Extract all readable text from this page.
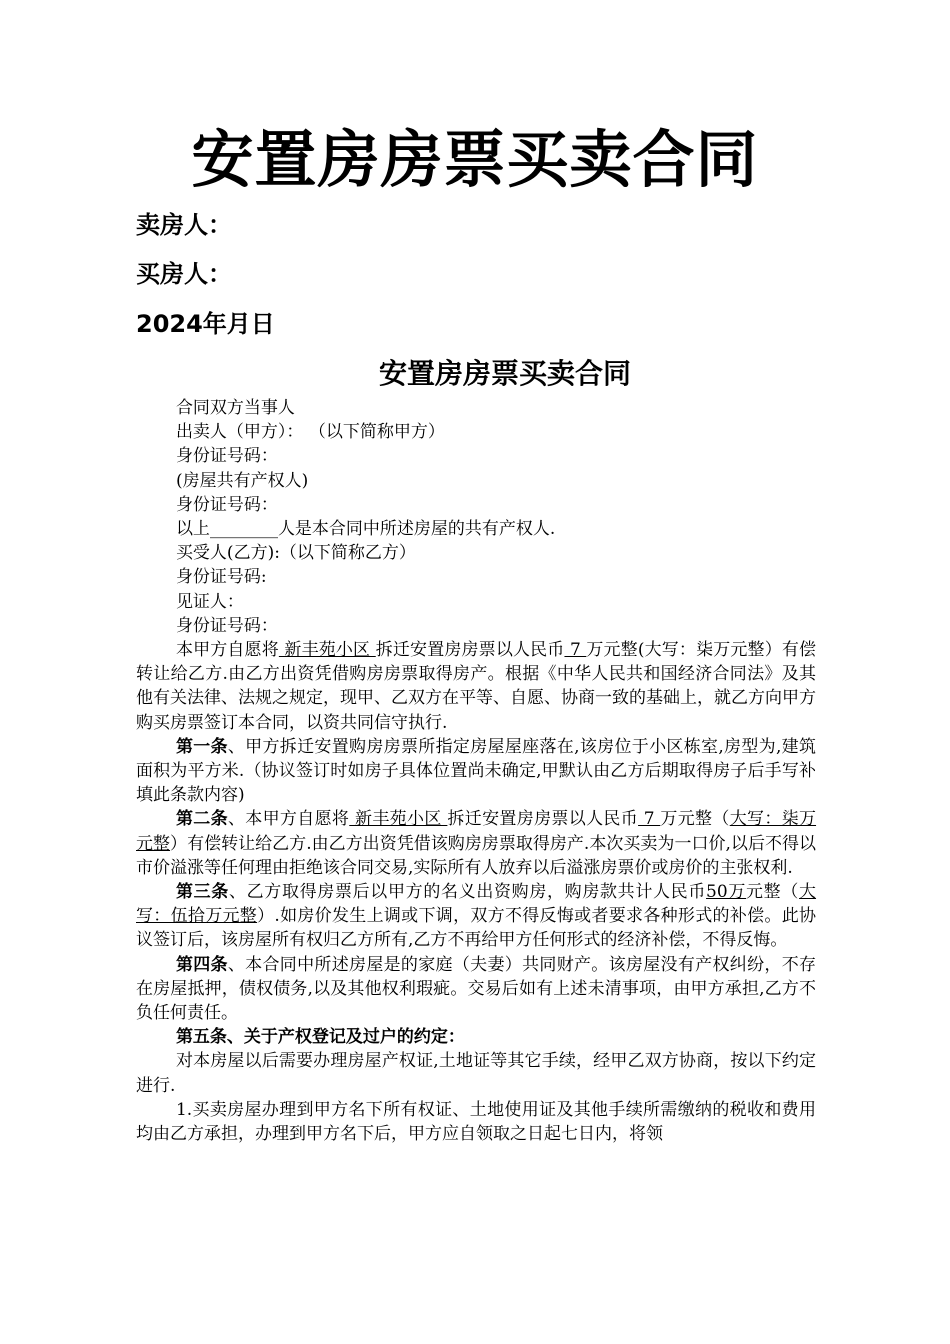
安置房房票买卖合同
卖房人：
买房人：
2024年月日
安置房房票买卖合同

合同双方当事人

出卖人（甲方）： （以下简称甲方）

身份证号码：

(房屋共有产权人)

身份证号码：

以上________人是本合同中所述房屋的共有产权人.

买受人(乙方):（以下简称乙方）

身份证号码:

见证人：

身份证号码：

本甲方自愿将 新丰苑小区 拆迁安置房房票以人民币 7 万元整(大写：柒万元整）有偿转让给乙方.由乙方出资凭借购房房票取得房产。根据《中华人民共和国经济合同法》及其他有关法律、法规之规定，现甲、乙双方在平等、自愿、协商一致的基础上，就乙方向甲方购买房票签订本合同，以资共同信守执行.

第一条、甲方拆迁安置购房房票所指定房屋屋座落在,该房位于小区栋室,房型为,建筑面积为平方米.（协议签订时如房子具体位置尚未确定,甲默认由乙方后期取得房子后手写补填此条款内容)

第二条、本甲方自愿将 新丰苑小区 拆迁安置房房票以人民币 7 万元整（大写：柒万元整）有偿转让给乙方.由乙方出资凭借该购房房票取得房产.本次买卖为一口价,以后不得以市价溢涨等任何理由拒绝该合同交易,实际所有人放弃以后溢涨房票价或房价的主张权利.

第三条、乙方取得房票后以甲方的名义出资购房，购房款共计人民币50万元整（大写：伍拾万元整）.如房价发生上调或下调，双方不得反悔或者要求各种形式的补偿。此协议签订后，该房屋所有权归乙方所有,乙方不再给甲方任何形式的经济补偿，不得反悔。

第四条、本合同中所述房屋是的家庭（夫妻）共同财产。该房屋没有产权纠纷，不存在房屋抵押，债权债务,以及其他权利瑕疵。交易后如有上述未清事项，由甲方承担,乙方不负任何责任。

第五条、关于产权登记及过户的约定：

对本房屋以后需要办理房屋产权证,土地证等其它手续，经甲乙双方协商，按以下约定进行.

1.买卖房屋办理到甲方名下所有权证、土地使用证及其他手续所需缴纳的税收和费用均由乙方承担，办理到甲方名下后，甲方应自领取之日起七日内，将领
